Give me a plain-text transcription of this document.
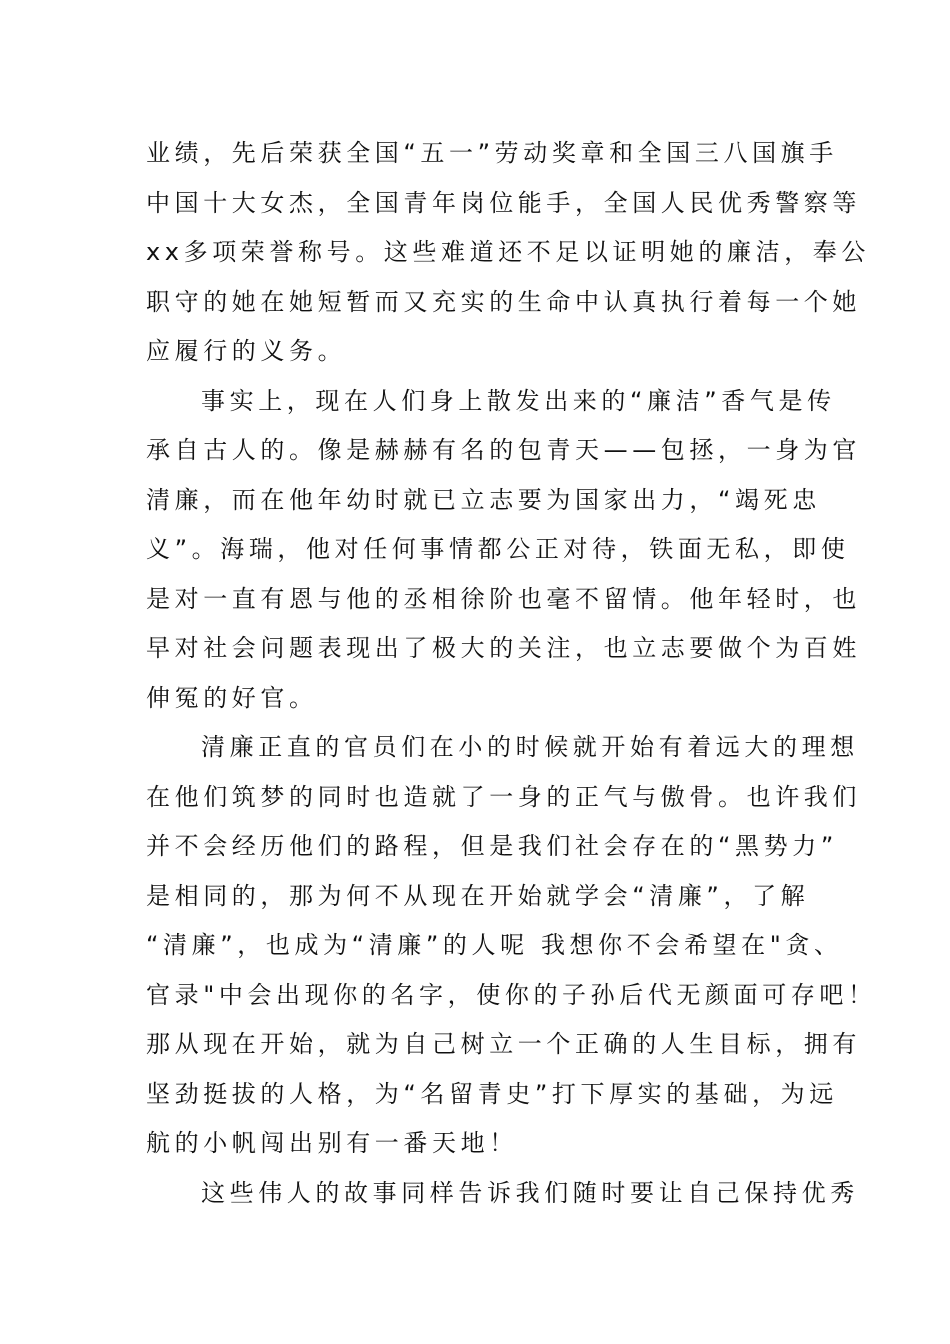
业绩，先后荣获全国“五一”劳动奖章和全国三八国旗手
中国十大女杰，全国青年岗位能手，全国人民优秀警察等
xx多项荣誉称号。这些难道还不足以证明她的廉洁，奉公
职守的她在她短暂而又充实的生命中认真执行着每一个她
应履行的义务。
事实上，现在人们身上散发出来的“廉洁”香气是传
承自古人的。像是赫赫有名的包青天——包拯，一身为官
清廉，而在他年幼时就已立志要为国家出力，“竭死忠
义”。海瑞，他对任何事情都公正对待，铁面无私，即使
是对一直有恩与他的丞相徐阶也毫不留情。他年轻时，也
早对社会问题表现出了极大的关注，也立志要做个为百姓
伸冤的好官。
清廉正直的官员们在小的时候就开始有着远大的理想
在他们筑梦的同时也造就了一身的正气与傲骨。也许我们
并不会经历他们的路程，但是我们社会存在的“黑势力”
是相同的，那为何不从现在开始就学会“清廉”，了解
“清廉”，也成为“清廉”的人呢 我想你不会希望在"贪、
官录"中会出现你的名字，使你的子孙后代无颜面可存吧！
那从现在开始，就为自己树立一个正确的人生目标，拥有
坚劲挺拔的人格，为“名留青史”打下厚实的基础，为远
航的小帆闯出别有一番天地！
这些伟人的故事同样告诉我们随时要让自己保持优秀
